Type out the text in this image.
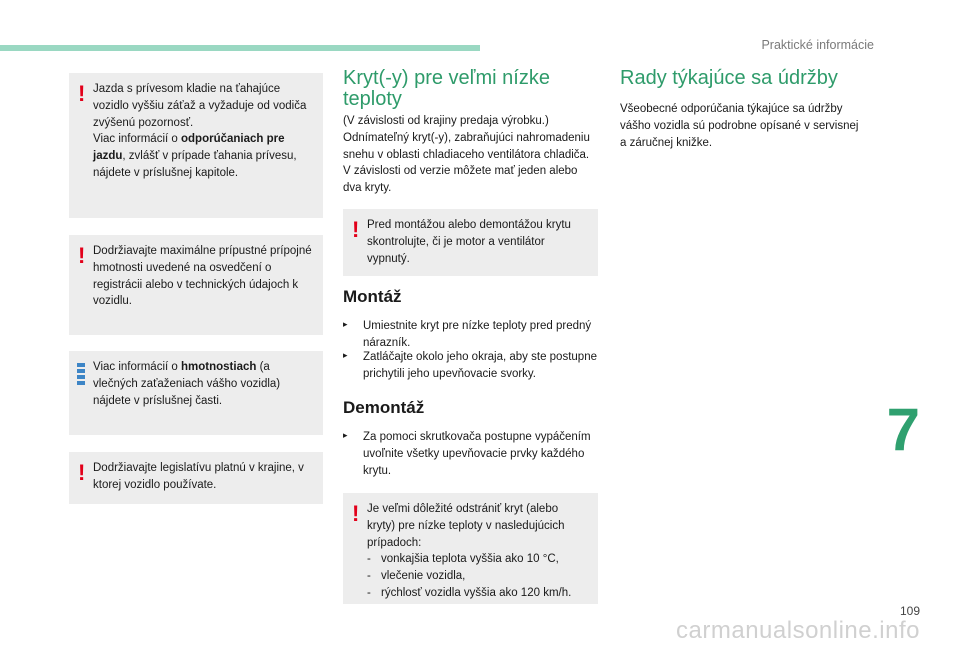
Praktické informácie
7
! Jazda s prívesom kladie na ťahajúce vozidlo vyššiu záťaž a vyžaduje od vodiča zvýšenú pozornosť.

Viac informácií o odporúčaniach pre jazdu, zvlášť v prípade ťahania prívesu, nájdete v príslušnej kapitole.

! Dodržiavajte maximálne prípustné prípojné hmotnosti uvedené na osvedčení o registrácii alebo v technických údajoch k vozidlu.

Viac informácií o hmotnostiach (a vlečných zaťaženiach vášho vozidla) nájdete v príslušnej časti.

! Dodržiavajte legislatívu platnú v krajine, v ktorej vozidlo používate.

Kryt(-y) pre veľmi nízke teploty

(V závislosti od krajiny predaja výrobku.)

Odnímateľný kryt(-y), zabraňujúci nahromadeniu snehu v oblasti chladiaceho ventilátora chladiča.

V závislosti od verzie môžete mať jeden alebo dva kryty.

! Pred montážou alebo demontážou krytu skontrolujte, či je motor a ventilátor vypnutý.

Montáž
▸ Umiestnite kryt pre nízke teploty pred predný nárazník.
▸ Zatláčajte okolo jeho okraja, aby ste postupne prichytili jeho upevňovacie svorky.
Demontáž
▸ Za pomoci skrutkovača postupne vypáčením uvoľnite všetky upevňovacie prvky každého krytu.
! Je veľmi dôležité odstrániť kryt (alebo kryty) pre nízke teploty v nasledujúcich prípadoch:

- vonkajšia teplota vyššia ako 10 °C,
- vlečenie vozidla,
- rýchlosť vozidla vyššia ako 120 km/h.
Rady týkajúce sa údržby

Všeobecné odporúčania týkajúce sa údržby vášho vozidla sú podrobne opísané v servisnej a záručnej knižke.

109
carmanualsonline.info
